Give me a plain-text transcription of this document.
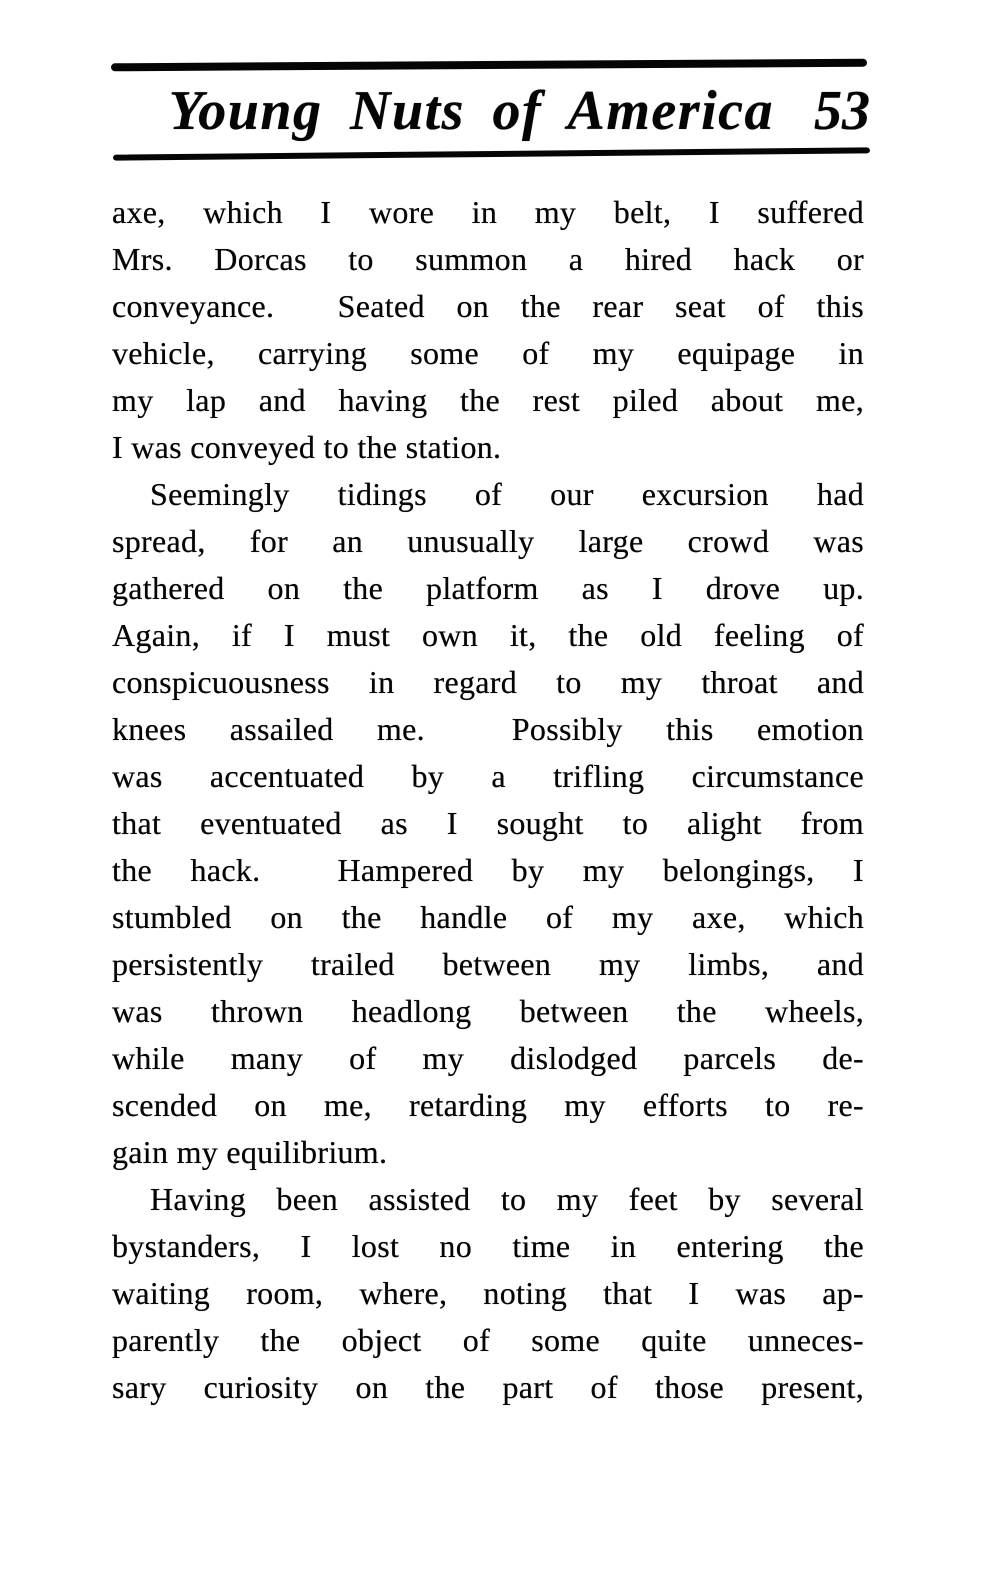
Young Nuts of America 53
axe, which I wore in my belt, I suffered
Mrs. Dorcas to summon a hired hack or
conveyance.  Seated on the rear seat of this
vehicle, carrying some of my equipage in
my lap and having the rest piled about me,
I was conveyed to the station.
Seemingly tidings of our excursion had
spread, for an unusually large crowd was
gathered on the platform as I drove up.
Again, if I must own it, the old feeling of
conspicuousness in regard to my throat and
knees assailed me.  Possibly this emotion
was accentuated by a trifling circumstance
that eventuated as I sought to alight from
the hack.  Hampered by my belongings, I
stumbled on the handle of my axe, which
persistently trailed between my limbs, and
was thrown headlong between the wheels,
while many of my dislodged parcels de-
scended on me, retarding my efforts to re-
gain my equilibrium.
Having been assisted to my feet by several
bystanders, I lost no time in entering the
waiting room, where, noting that I was ap-
parently the object of some quite unneces-
sary curiosity on the part of those present,
